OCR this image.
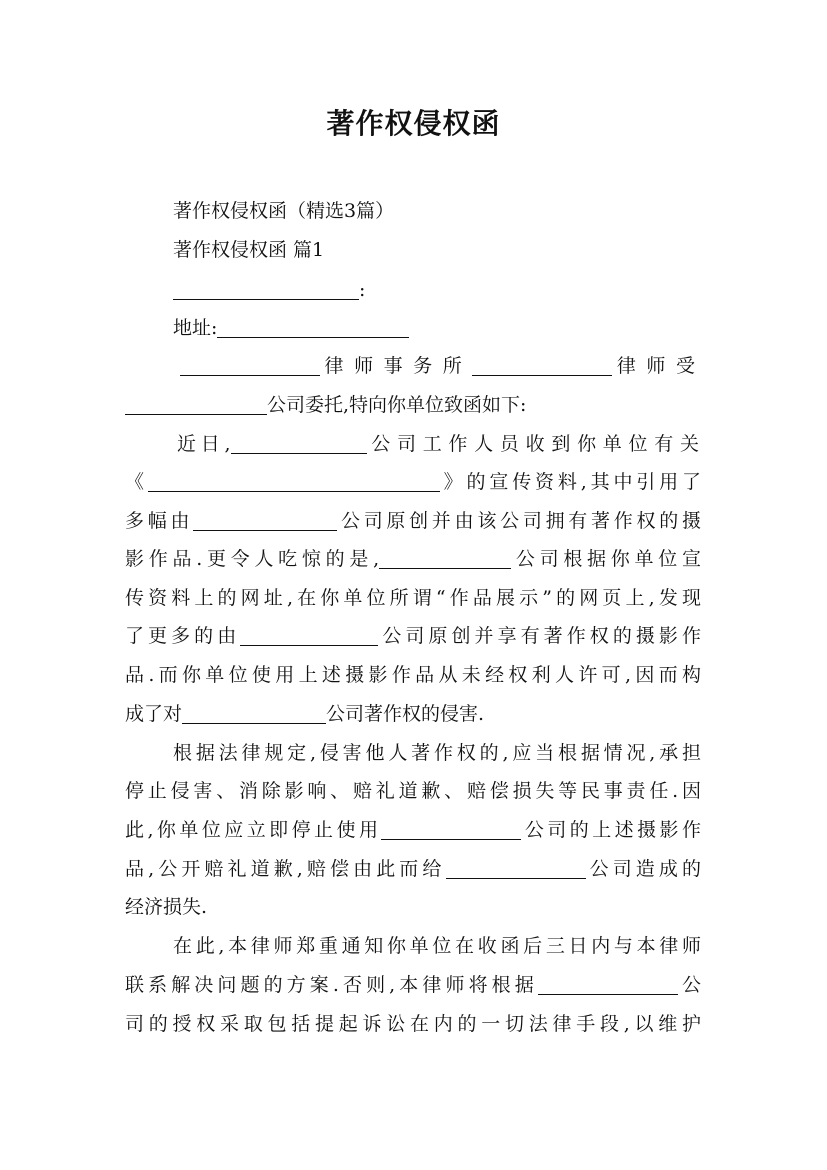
著作权侵权函
著作权侵权函（精选3篇）
著作权侵权函 篇1
:
地址:
律师事务所	律师受
公司委托,特向你单位致函如下:
近日,	公司工作人员收到你单位有关
《	》的宣传资料,其中引用了
多幅由	公司原创并由该公司拥有著作权的摄
影作品.更令人吃惊的是,	公司根据你单位宣
传资料上的网址,在你单位所谓“作品展示”的网页上,发现
了更多的由	公司原创并享有著作权的摄影作
品.而你单位使用上述摄影作品从未经权利人许可,因而构
成了对	公司著作权的侵害.
根据法律规定,侵害他人著作权的,应当根据情况,承担
停止侵害、消除影响、赔礼道歉、赔偿损失等民事责任.因
此,你单位应立即停止使用	公司的上述摄影作
品,公开赔礼道歉,赔偿由此而给	公司造成的
经济损失.
在此,本律师郑重通知你单位在收函后三日内与本律师
联系解决问题的方案.否则,本律师将根据	公
司的授权采取包括提起诉讼在内的一切法律手段,以维护
